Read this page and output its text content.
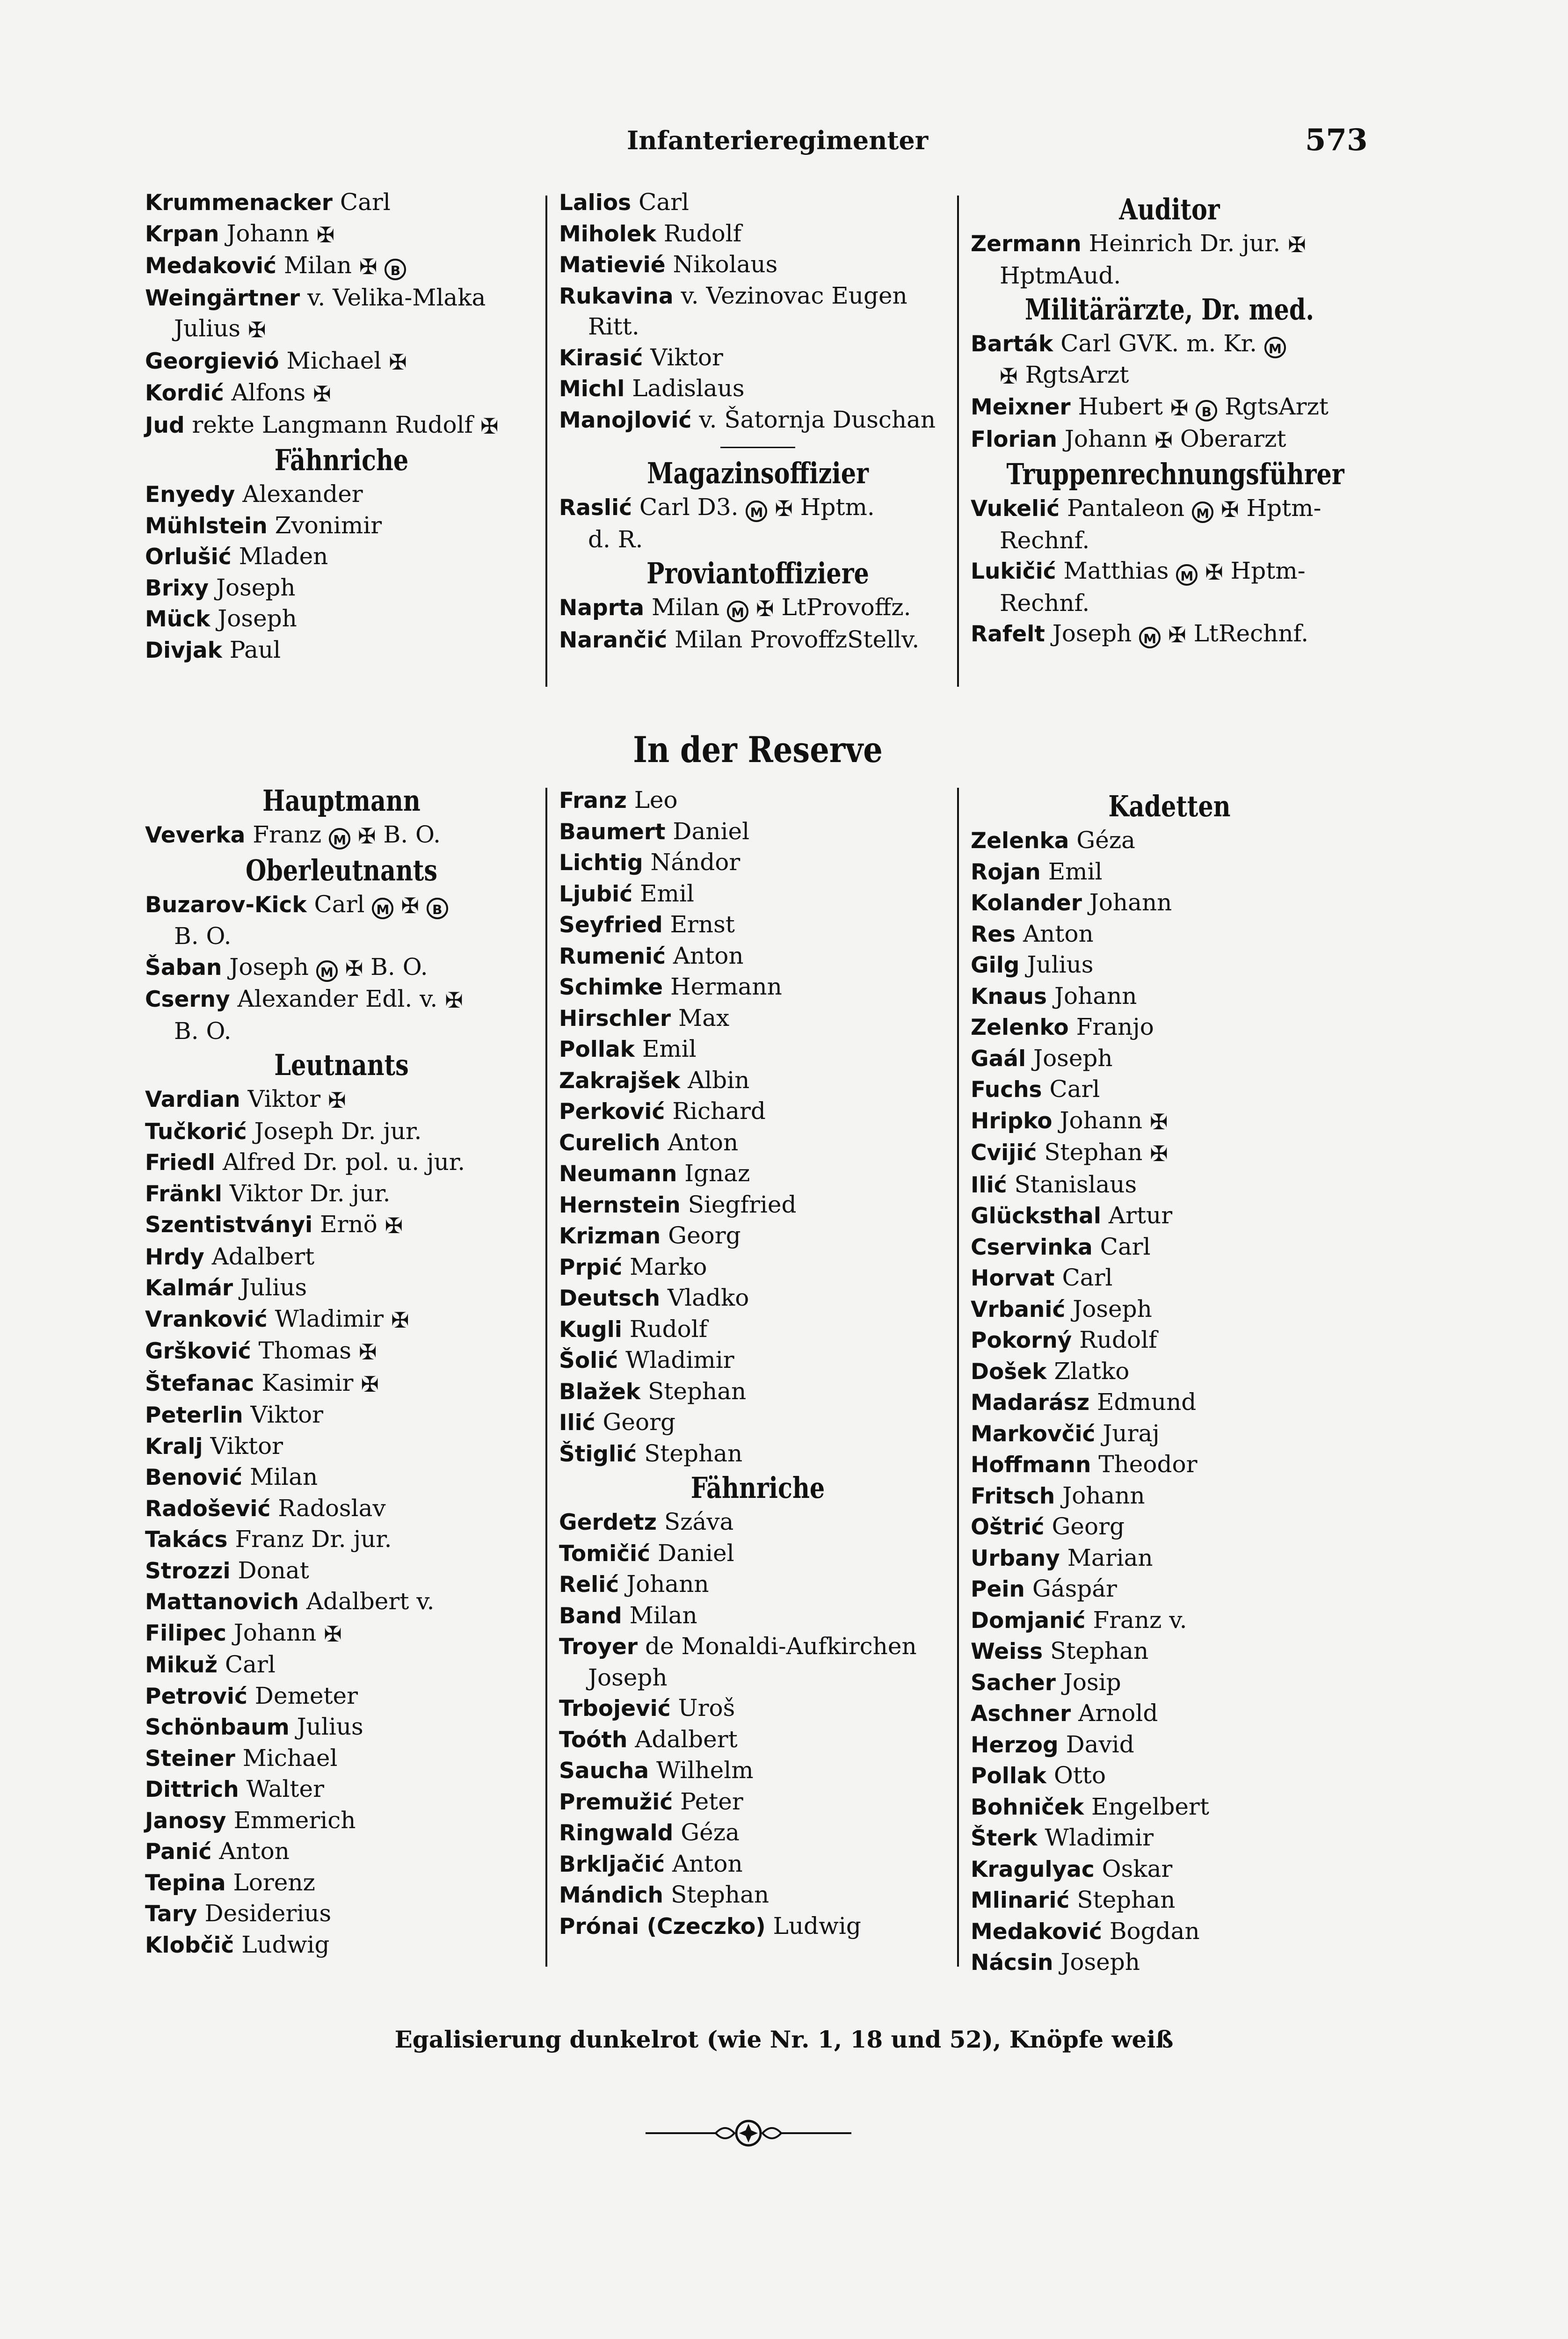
Infanterieregimenter	573
Krummenacker Carl
Krpan Johann ✠
Medaković Milan ✠ B
Weingärtner v. Velika-Mlaka
Julius ✠
Georgievió Michael ✠
Kordić Alfons ✠
Jud rekte Langmann Rudolf ✠
Fähnriche
Enyedy Alexander
Mühlstein Zvonimir
Orlušić Mladen
Brixy Joseph
Mück Joseph
Divjak Paul
Lalios Carl
Miholek Rudolf
Matievié Nikolaus
Rukavina v. Vezinovac Eugen
Ritt.
Kirasić Viktor
Michl Ladislaus
Manojlović v. Šatornja Duschan
Magazinsoffizier
Raslić Carl D3. M ✠ Hptm.
d. R.
Proviantoffiziere
Naprta Milan M ✠ LtProvoffz.
Narančić Milan ProvoffzStellv.
Auditor
Zermann Heinrich Dr. jur. ✠
HptmAud.
Militärärzte, Dr. med.
Barták Carl GVK. m. Kr. M
✠ RgtsArzt
Meixner Hubert ✠ B RgtsArzt
Florian Johann ✠ Oberarzt
Truppenrechnungsführer
Vukelić Pantaleon M ✠ Hptm-
Rechnf.
Lukičić Matthias M ✠ Hptm-
Rechnf.
Rafelt Joseph M ✠ LtRechnf.
In der Reserve
Hauptmann
Veverka Franz M ✠ B. O.
Oberleutnants
Buzarov-Kick Carl M ✠ B
B. O.
Šaban Joseph M ✠ B. O.
Cserny Alexander Edl. v. ✠
B. O.
Leutnants
Vardian Viktor ✠
Tučkorić Joseph Dr. jur.
Friedl Alfred Dr. pol. u. jur.
Fränkl Viktor Dr. jur.
Szentistványi Ernö ✠
Hrdy Adalbert
Kalmár Julius
Vranković Wladimir ✠
Gršković Thomas ✠
Štefanac Kasimir ✠
Peterlin Viktor
Kralj Viktor
Benović Milan
Radošević Radoslav
Takács Franz Dr. jur.
Strozzi Donat
Mattanovich Adalbert v.
Filipec Johann ✠
Mikuž Carl
Petrović Demeter
Schönbaum Julius
Steiner Michael
Dittrich Walter
Janosy Emmerich
Panić Anton
Tepina Lorenz
Tary Desiderius
Klobčič Ludwig
Franz Leo
Baumert Daniel
Lichtig Nándor
Ljubić Emil
Seyfried Ernst
Rumenić Anton
Schimke Hermann
Hirschler Max
Pollak Emil
Zakrajšek Albin
Perković Richard
Curelich Anton
Neumann Ignaz
Hernstein Siegfried
Krizman Georg
Prpić Marko
Deutsch Vladko
Kugli Rudolf
Šolić Wladimir
Blažek Stephan
Ilić Georg
Štiglić Stephan
Fähnriche
Gerdetz Száva
Tomičić Daniel
Relić Johann
Band Milan
Troyer de Monaldi-Aufkirchen
Joseph
Trbojević Uroš
Toóth Adalbert
Saucha Wilhelm
Premužić Peter
Ringwald Géza
Brkljačić Anton
Mándich Stephan
Prónai (Czeczko) Ludwig
Kadetten
Zelenka Géza
Rojan Emil
Kolander Johann
Res Anton
Gilg Julius
Knaus Johann
Zelenko Franjo
Gaál Joseph
Fuchs Carl
Hripko Johann ✠
Cvijić Stephan ✠
Ilić Stanislaus
Glücksthal Artur
Cservinka Carl
Horvat Carl
Vrbanić Joseph
Pokorný Rudolf
Došek Zlatko
Madarász Edmund
Markovčić Juraj
Hoffmann Theodor
Fritsch Johann
Oštrić Georg
Urbany Marian
Pein Gáspár
Domjanić Franz v.
Weiss Stephan
Sacher Josip
Aschner Arnold
Herzog David
Pollak Otto
Bohniček Engelbert
Šterk Wladimir
Kragulyac Oskar
Mlinarić Stephan
Medaković Bogdan
Nácsin Joseph
Egalisierung dunkelrot (wie Nr. 1, 18 und 52), Knöpfe weiß
